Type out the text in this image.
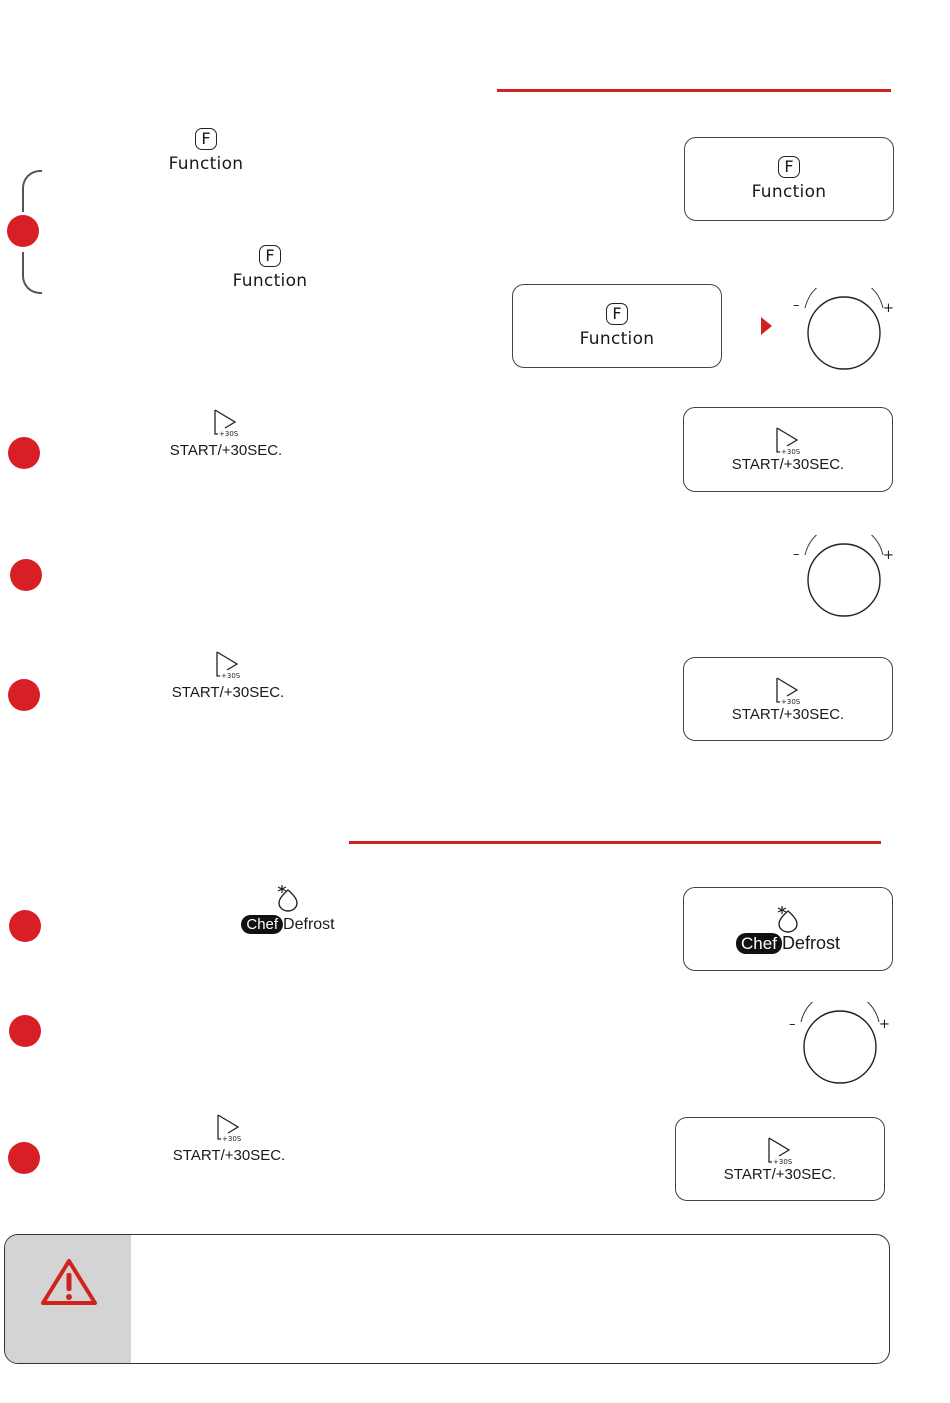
F
Function
F
Function
+30S
START/+30SEC.
+30S
START/+30SEC.
+30S
START/+30SEC.
Chef Defrost
F
Function
F
Function
–	+
+30S
START/+30SEC.
–	+
+30S
START/+30SEC.
Chef Defrost
–	+
+30S
START/+30SEC.
